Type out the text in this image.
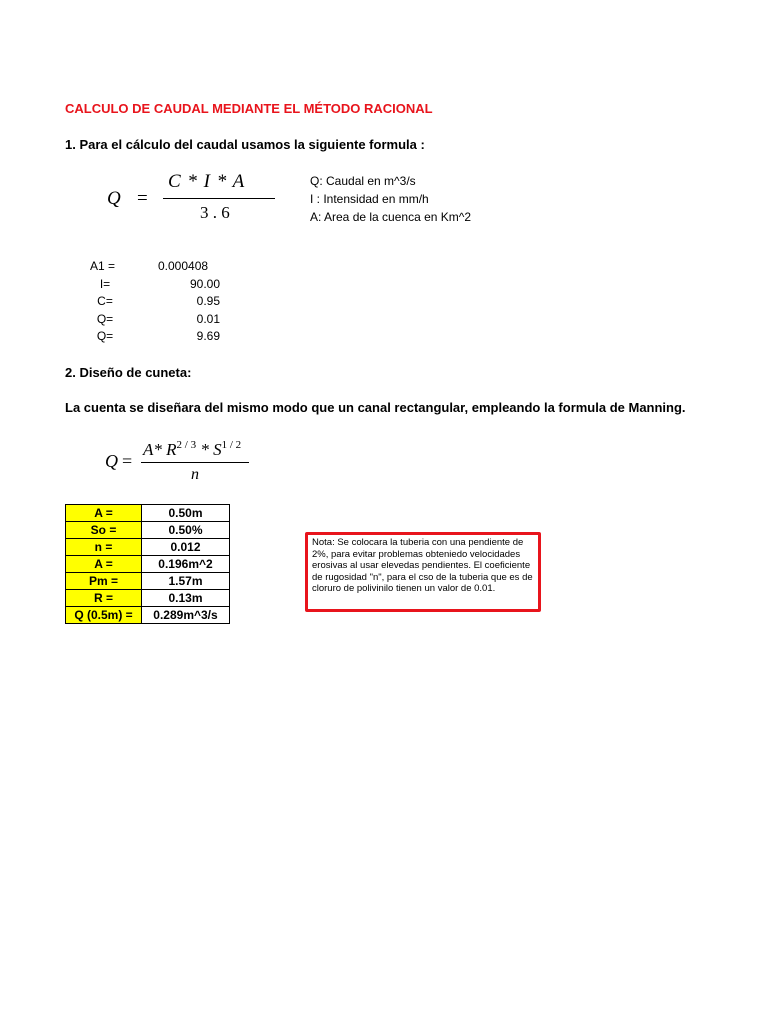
CALCULO DE CAUDAL MEDIANTE EL MÉTODO RACIONAL
1. Para el cálculo del caudal usamos la siguiente formula :
Q =
C * I * A
3 . 6
Q: Caudal en m^3/s
I : Intensidad en mm/h
A: Area de la cuenca en Km^2
A1 =	0.000408
I=	90.00
C=	0.95
Q=	0.01
Q=	9.69
2. Diseño de cuneta:
La cuenta se diseñara del mismo modo que un canal rectangular, empleando la formula de Manning.
Q =
A* $R^{2 / 3} * S^{1 / 2}$
n
A =	0.50m
So =	0.50%
n =	0.012
A =	0.196m^2
Pm =	1.57m
R =	0.13m
Q (0.5m) =	0.289m^3/s
Nota: Se colocara la tuberia con una pendiente de 2%, para evitar problemas obteniedo velocidades erosivas al usar elevedas pendientes. El coeficiente de rugosidad "n", para el cso de la tuberia que es de cloruro de polivinilo tienen un valor de 0.01.
